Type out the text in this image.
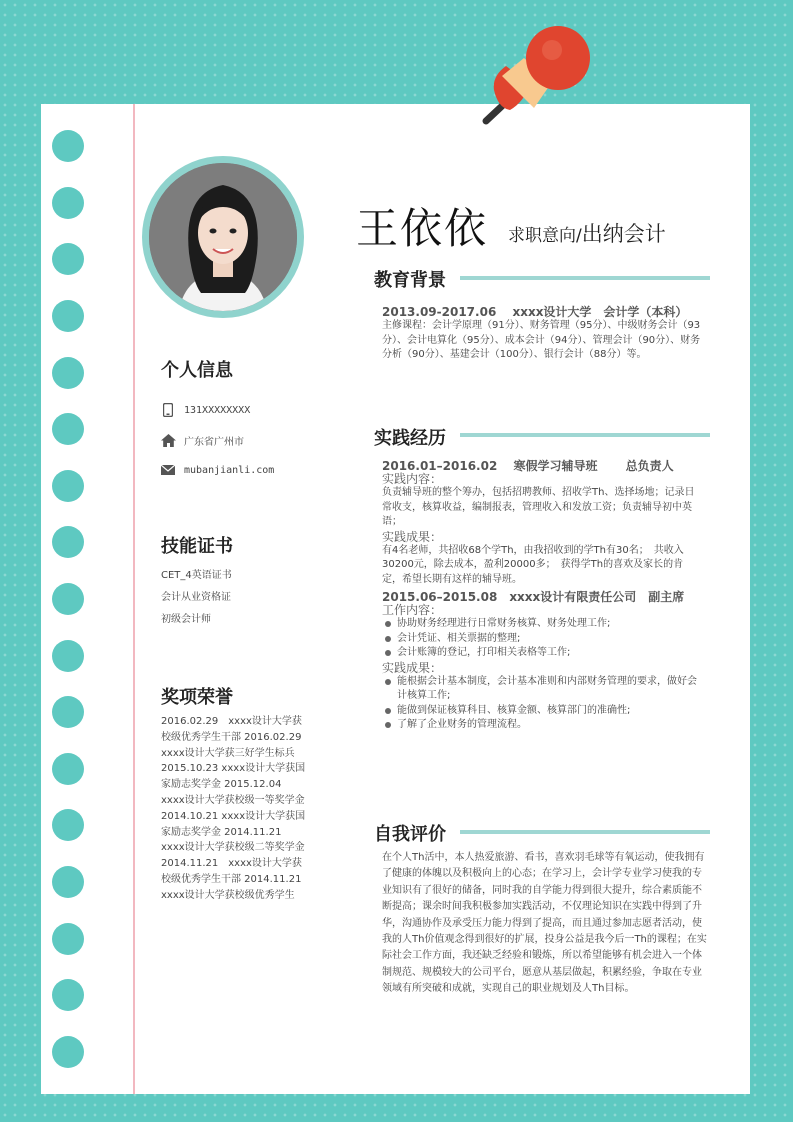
王依依 求职意向/出纳会计
个人信息
131XXXXXXXX
广东省广州市
mubanjianli.com
技能证书
CET_4英语证书
会计从业资格证
初级会计师
奖项荣誉
2016.02.29　xxxx设计大学获校级优秀学生干部 2016.02.29　xxxx设计大学获三好学生标兵 2015.10.23 xxxx设计大学获国家励志奖学金 2015.12.04　xxxx设计大学获校级一等奖学金 2014.10.21 xxxx设计大学获国家励志奖学金 2014.11.21 xxxx设计大学获校级二等奖学金 2014.11.21　xxxx设计大学获校级优秀学生干部 2014.11.21　xxxx设计大学获校级优秀学生
教育背景
2013.09-2017.06　 xxxx设计大学　会计学（本科）
主修课程：会计学原理（91分）、财务管理（95分）、中级财务会计（93分）、会计电算化（95分）、成本会计（94分）、管理会计（90分）、财务分析（90分）、基建会计（100分）、银行会计（88分）等。
实践经历
2016.01–2016.02　 寒假学习辅导班　　 总负责人
实践内容：
负责辅导班的整个筹办，包括招聘教师、招收学Th、选择场地；记录日常收支，核算收益，编制报表，管理收入和发放工资；负责辅导初中英语；
实践成果：
有4名老师，共招收68个学Th，由我招收到的学Th有30名；　共收入30200元，除去成本，盈利20000多；　获得学Th的喜欢及家长的肯定，希望长期有这样的辅导班。
2015.06–2015.08　xxxx设计有限责任公司　副主席
工作内容：
协助财务经理进行日常财务核算、财务处理工作;
会计凭证、相关票据的整理;
会计账簿的登记，打印相关表格等工作;
实践成果：
能根据会计基本制度，会计基本准则和内部财务管理的要求，做好会计核算工作;
能做到保证核算科目、核算金额、核算部门的准确性;
了解了企业财务的管理流程。
自我评价
在个人Th活中，本人热爱旅游、看书，喜欢羽毛球等有氧运动，使我拥有了健康的体魄以及积极向上的心态；在学习上，会计学专业学习使我的专业知识有了很好的储备，同时我的自学能力得到很大提升，综合素质能不断提高；课余时间我积极参加实践活动，不仅理论知识在实践中得到了升华，沟通协作及承受压力能力得到了提高，而且通过参加志愿者活动，使我的人Th价值观念得到很好的扩展，投身公益是我今后一Th的课程；在实际社会工作方面，我还缺乏经验和锻炼，所以希望能够有机会进入一个体制规范、规模较大的公司平台，愿意从基层做起，积累经验，争取在专业领域有所突破和成就，实现自己的职业规划及人Th目标。
